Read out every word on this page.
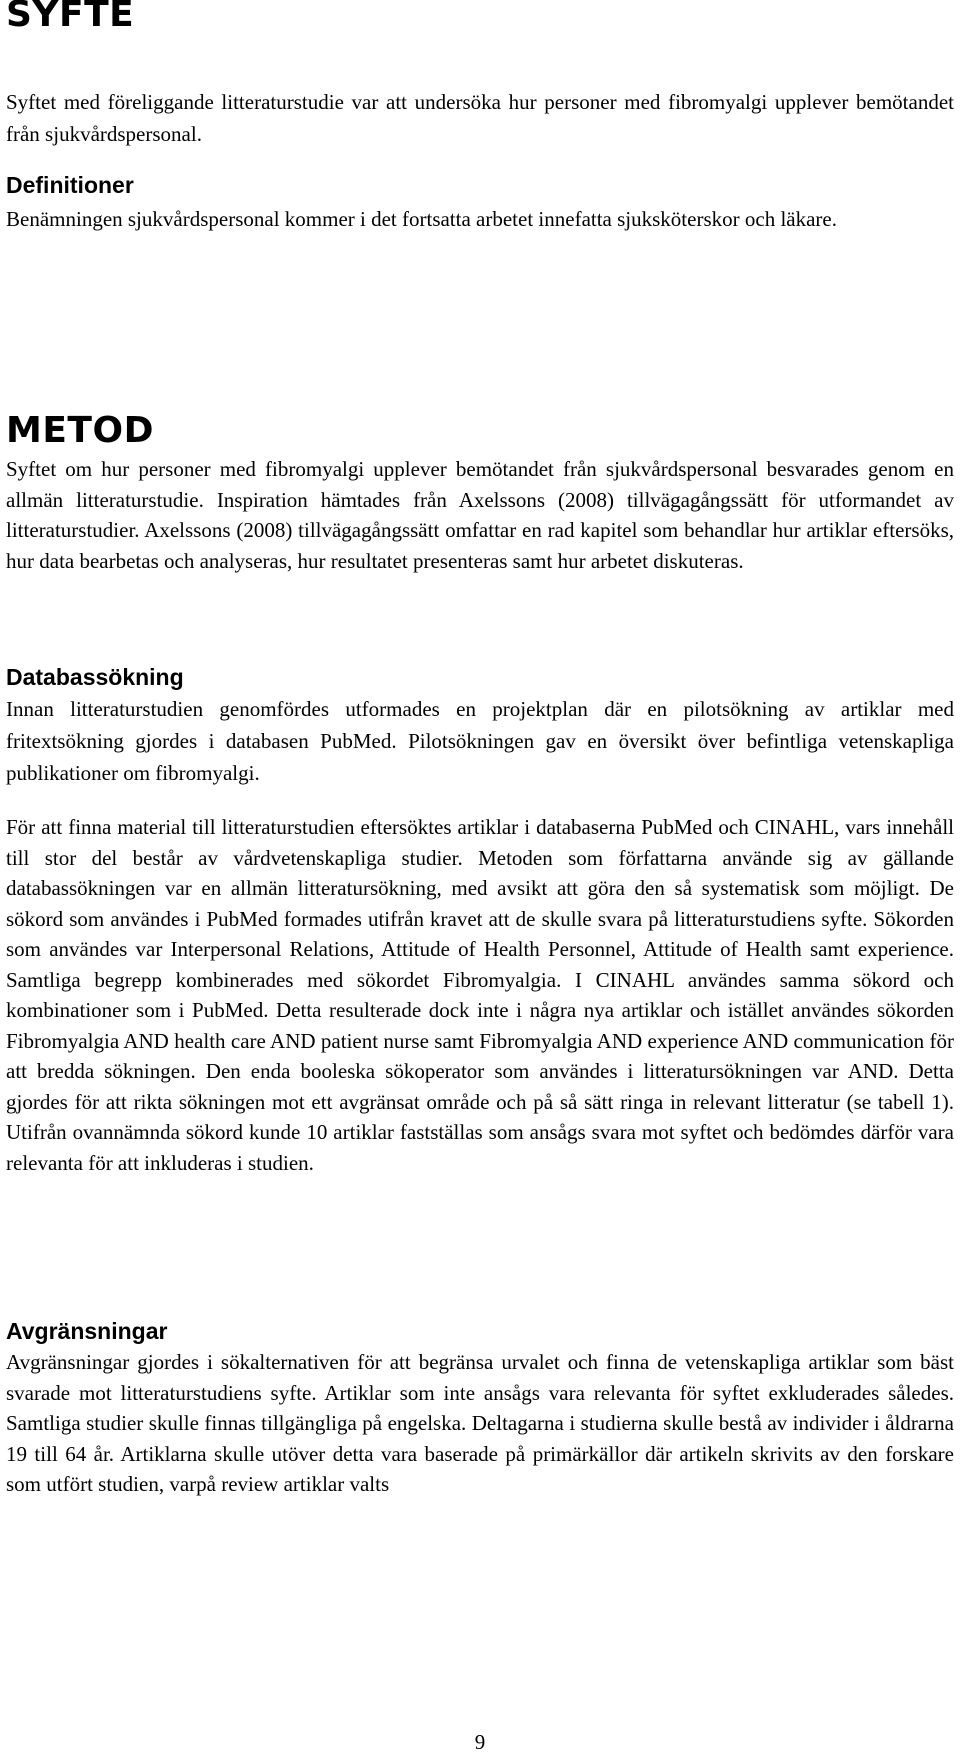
SYFTE

Syftet med föreliggande litteraturstudie var att undersöka hur personer med fibromyalgi upplever bemötandet från sjukvårdspersonal.

Definitioner

Benämningen sjukvårdspersonal kommer i det fortsatta arbetet innefatta sjuksköterskor och läkare.

METOD

Syftet om hur personer med fibromyalgi upplever bemötandet från sjukvårdspersonal besvarades genom en allmän litteraturstudie. Inspiration hämtades från Axelssons (2008) tillvägagångssätt för utformandet av litteraturstudier. Axelssons (2008) tillvägagångssätt omfattar en rad kapitel som behandlar hur artiklar eftersöks, hur data bearbetas och analyseras, hur resultatet presenteras samt hur arbetet diskuteras.

Databassökning

Innan litteraturstudien genomfördes utformades en projektplan där en pilotsökning av artiklar med fritextsökning gjordes i databasen PubMed. Pilotsökningen gav en översikt över befintliga vetenskapliga publikationer om fibromyalgi.

För att finna material till litteraturstudien eftersöktes artiklar i databaserna PubMed och CINAHL, vars innehåll till stor del består av vårdvetenskapliga studier. Metoden som författarna använde sig av gällande databassökningen var en allmän litteratursökning, med avsikt att göra den så systematisk som möjligt. De sökord som användes i PubMed formades utifrån kravet att de skulle svara på litteraturstudiens syfte. Sökorden som användes var Interpersonal Relations, Attitude of Health Personnel, Attitude of Health samt experience. Samtliga begrepp kombinerades med sökordet Fibromyalgia. I CINAHL användes samma sökord och kombinationer som i PubMed. Detta resulterade dock inte i några nya artiklar och istället användes sökorden Fibromyalgia AND health care AND patient nurse samt Fibromyalgia AND experience AND communication för att bredda sökningen. Den enda booleska sökoperator som användes i litteratursökningen var AND. Detta gjordes för att rikta sökningen mot ett avgränsat område och på så sätt ringa in relevant litteratur (se tabell 1). Utifrån ovannämnda sökord kunde 10 artiklar fastställas som ansågs svara mot syftet och bedömdes därför vara relevanta för att inkluderas i studien.

Avgränsningar

Avgränsningar gjordes i sökalternativen för att begränsa urvalet och finna de vetenskapliga artiklar som bäst svarade mot litteraturstudiens syfte. Artiklar som inte ansågs vara relevanta för syftet exkluderades således. Samtliga studier skulle finnas tillgängliga på engelska. Deltagarna i studierna skulle bestå av individer i åldrarna 19 till 64 år. Artiklarna skulle utöver detta vara baserade på primärkällor där artikeln skrivits av den forskare som utfört studien, varpå review artiklar valts

9
